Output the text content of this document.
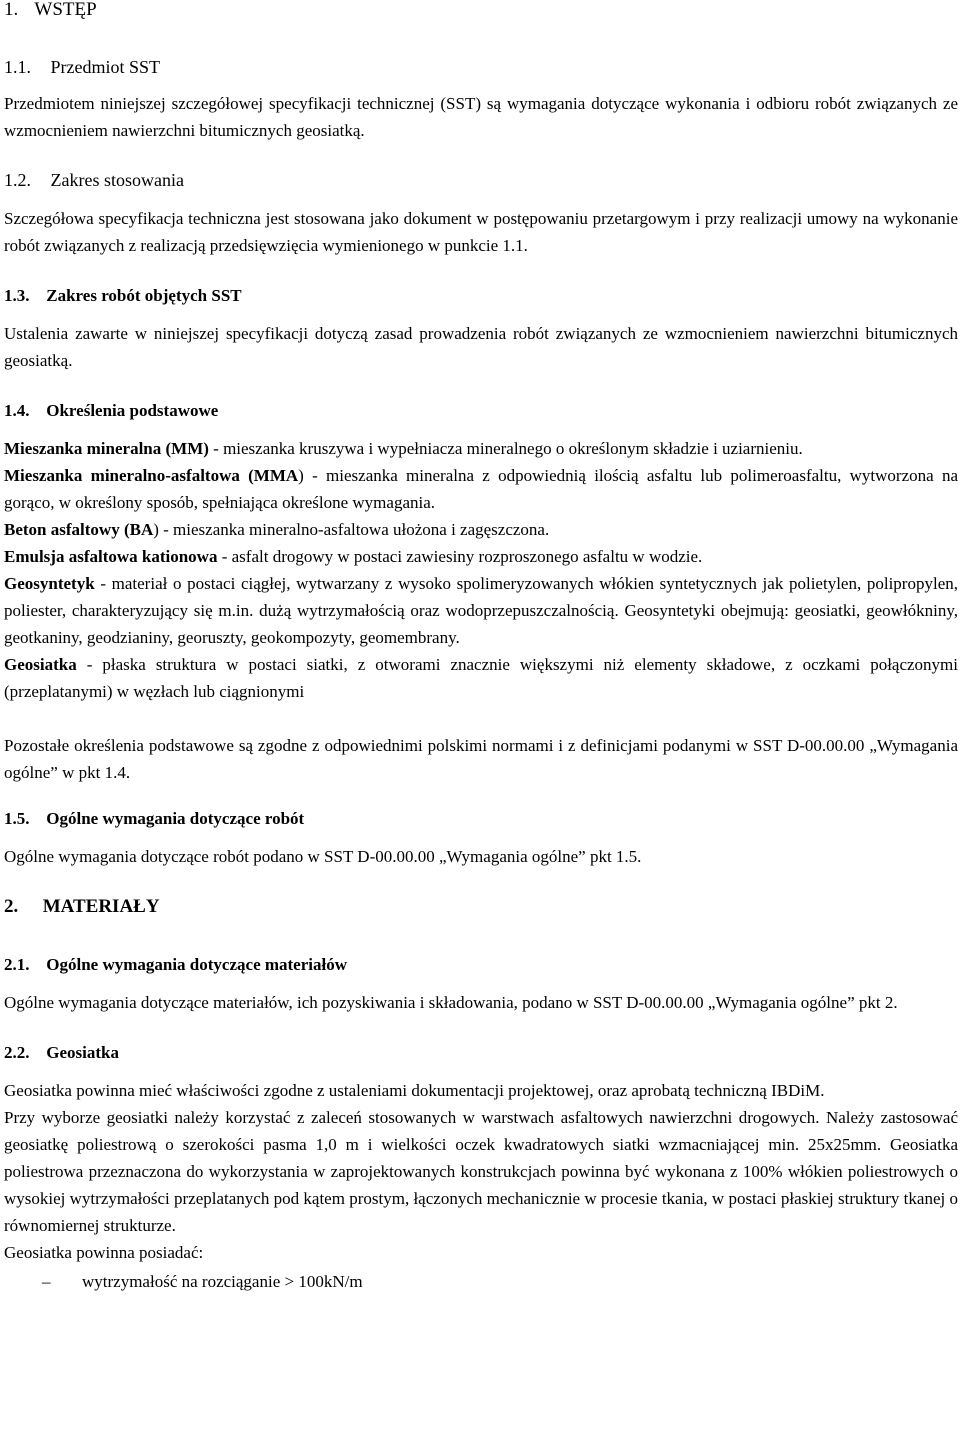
1. WSTĘP
1.1. Przedmiot SST

Przedmiotem niniejszej szczegółowej specyfikacji technicznej (SST) są wymagania dotyczące wykonania i odbioru robót związanych ze wzmocnieniem nawierzchni bitumicznych geosiatką.

1.2. Zakres stosowania

Szczegółowa specyfikacja techniczna jest stosowana jako dokument w postępowaniu przetargowym i przy realizacji umowy na wykonanie robót związanych z realizacją przedsięwzięcia wymienionego w punkcie 1.1.

1.3. Zakres robót objętych SST

Ustalenia zawarte w niniejszej specyfikacji dotyczą zasad prowadzenia robót związanych ze wzmocnieniem nawierzchni bitumicznych geosiatką.

1.4. Określenia podstawowe

Mieszanka mineralna (MM) - mieszanka kruszywa i wypełniacza mineralnego o określonym składzie i uziarnieniu.

Mieszanka mineralno-asfaltowa (MMA) - mieszanka mineralna z odpowiednią ilością asfaltu lub polimeroasfaltu, wytworzona na gorąco, w określony sposób, spełniająca określone wymagania.

Beton asfaltowy (BA) - mieszanka mineralno-asfaltowa ułożona i zagęszczona.

Emulsja asfaltowa kationowa - asfalt drogowy w postaci zawiesiny rozproszonego asfaltu w wodzie.

Geosyntetyk - materiał o postaci ciągłej, wytwarzany z wysoko spolimeryzowanych włókien syntetycznych jak polietylen, polipropylen, poliester, charakteryzujący się m.in. dużą wytrzymałością oraz wodoprzepuszczalnością. Geosyntetyki obejmują: geosiatki, geowłókniny, geotkaniny, geodzianiny, georuszty, geokompozyty, geomembrany.

Geosiatka - płaska struktura w postaci siatki, z otworami znacznie większymi niż elementy składowe, z oczkami połączonymi (przeplatanymi) w węzłach lub ciągnionymi

Pozostałe określenia podstawowe są zgodne z odpowiednimi polskimi normami i z definicjami podanymi w SST D-00.00.00 „Wymagania ogólne” w pkt 1.4.

1.5. Ogólne wymagania dotyczące robót

Ogólne wymagania dotyczące robót podano w SST D-00.00.00 „Wymagania ogólne” pkt 1.5.

2. MATERIAŁY
2.1. Ogólne wymagania dotyczące materiałów

Ogólne wymagania dotyczące materiałów, ich pozyskiwania i składowania, podano w SST D-00.00.00 „Wymagania ogólne” pkt 2.

2.2. Geosiatka

Geosiatka powinna mieć właściwości zgodne z ustaleniami dokumentacji projektowej, oraz aprobatą techniczną IBDiM.

Przy wyborze geosiatki należy korzystać z zaleceń stosowanych w warstwach asfaltowych nawierzchni drogowych. Należy zastosować geosiatkę poliestrową o szerokości pasma 1,0 m i wielkości oczek kwadratowych siatki wzmacniającej min. 25x25mm. Geosiatka poliestrowa przeznaczona do wykorzystania w zaprojektowanych konstrukcjach powinna być wykonana z 100% włókien poliestrowych o wysokiej wytrzymałości przeplatanych pod kątem prostym, łączonych mechanicznie w procesie tkania, w postaci płaskiej struktury tkanej o równomiernej strukturze.

Geosiatka powinna posiadać:

–	wytrzymałość na rozciąganie > 100kN/m
